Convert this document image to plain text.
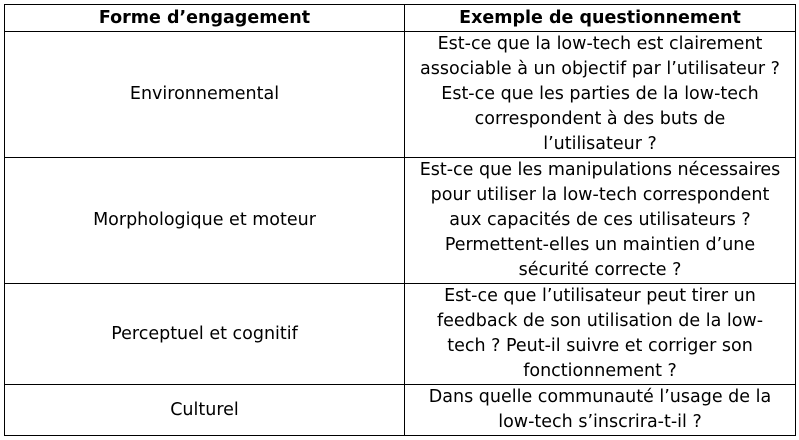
Forme d’engagement	Exemple de questionnement
Environnemental	Est-ce que la low-tech est clairement
associable à un objectif par l’utilisateur ?
Est-ce que les parties de la low-tech
correspondent à des buts de
l’utilisateur ?

Morphologique et moteur	Est-ce que les manipulations nécessaires
pour utiliser la low-tech correspondent
aux capacités de ces utilisateurs ?
Permettent-elles un maintien d’une
sécurité correcte ?

Perceptuel et cognitif	Est-ce que l’utilisateur peut tirer un
feedback de son utilisation de la low-
tech ? Peut-il suivre et corriger son
fonctionnement ?

Culturel	Dans quelle communauté l’usage de la
low-tech s’inscrira-t-il ?
